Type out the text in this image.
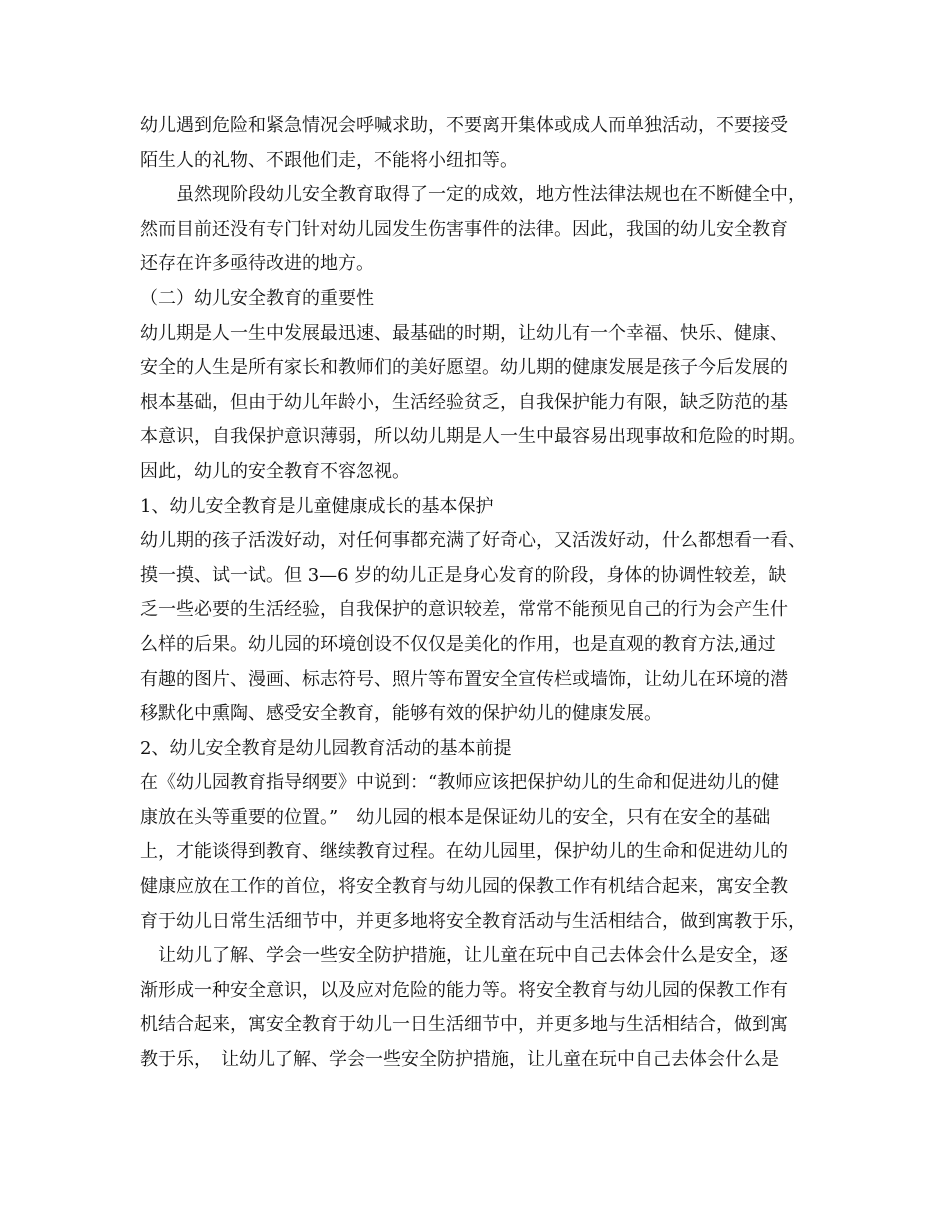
幼儿遇到危险和紧急情况会呼喊求助，不要离开集体或成人而单独活动，不要接受
陌生人的礼物、不跟他们走，不能将小纽扣等。
　　虽然现阶段幼儿安全教育取得了一定的成效，地方性法律法规也在不断健全中，
然而目前还没有专门针对幼儿园发生伤害事件的法律。因此，我国的幼儿安全教育
还存在许多亟待改进的地方。
（二）幼儿安全教育的重要性
幼儿期是人一生中发展最迅速、最基础的时期，让幼儿有一个幸福、快乐、健康、
安全的人生是所有家长和教师们的美好愿望。幼儿期的健康发展是孩子今后发展的
根本基础，但由于幼儿年龄小，生活经验贫乏，自我保护能力有限，缺乏防范的基
本意识，自我保护意识薄弱，所以幼儿期是人一生中最容易出现事故和危险的时期。
因此，幼儿的安全教育不容忽视。
1、幼儿安全教育是儿童健康成长的基本保护
幼儿期的孩子活泼好动，对任何事都充满了好奇心，又活泼好动，什么都想看一看、
摸一摸、试一试。但 3—6 岁的幼儿正是身心发育的阶段，身体的协调性较差，缺
乏一些必要的生活经验，自我保护的意识较差，常常不能预见自己的行为会产生什
么样的后果。幼儿园的环境创设不仅仅是美化的作用，也是直观的教育方法,通过
有趣的图片、漫画、标志符号、照片等布置安全宣传栏或墙饰，让幼儿在环境的潜
移默化中熏陶、感受安全教育，能够有效的保护幼儿的健康发展。
2、幼儿安全教育是幼儿园教育活动的基本前提
在《幼儿园教育指导纲要》中说到：“教师应该把保护幼儿的生命和促进幼儿的健
康放在头等重要的位置。”　幼儿园的根本是保证幼儿的安全，只有在安全的基础
上，才能谈得到教育、继续教育过程。在幼儿园里，保护幼儿的生命和促进幼儿的
健康应放在工作的首位，将安全教育与幼儿园的保教工作有机结合起来，寓安全教
育于幼儿日常生活细节中，并更多地将安全教育活动与生活相结合，做到寓教于乐，
　让幼儿了解、学会一些安全防护措施，让儿童在玩中自己去体会什么是安全，逐
渐形成一种安全意识，以及应对危险的能力等。将安全教育与幼儿园的保教工作有
机结合起来，寓安全教育于幼儿一日生活细节中，并更多地与生活相结合，做到寓
教于乐，　让幼儿了解、学会一些安全防护措施，让儿童在玩中自己去体会什么是
